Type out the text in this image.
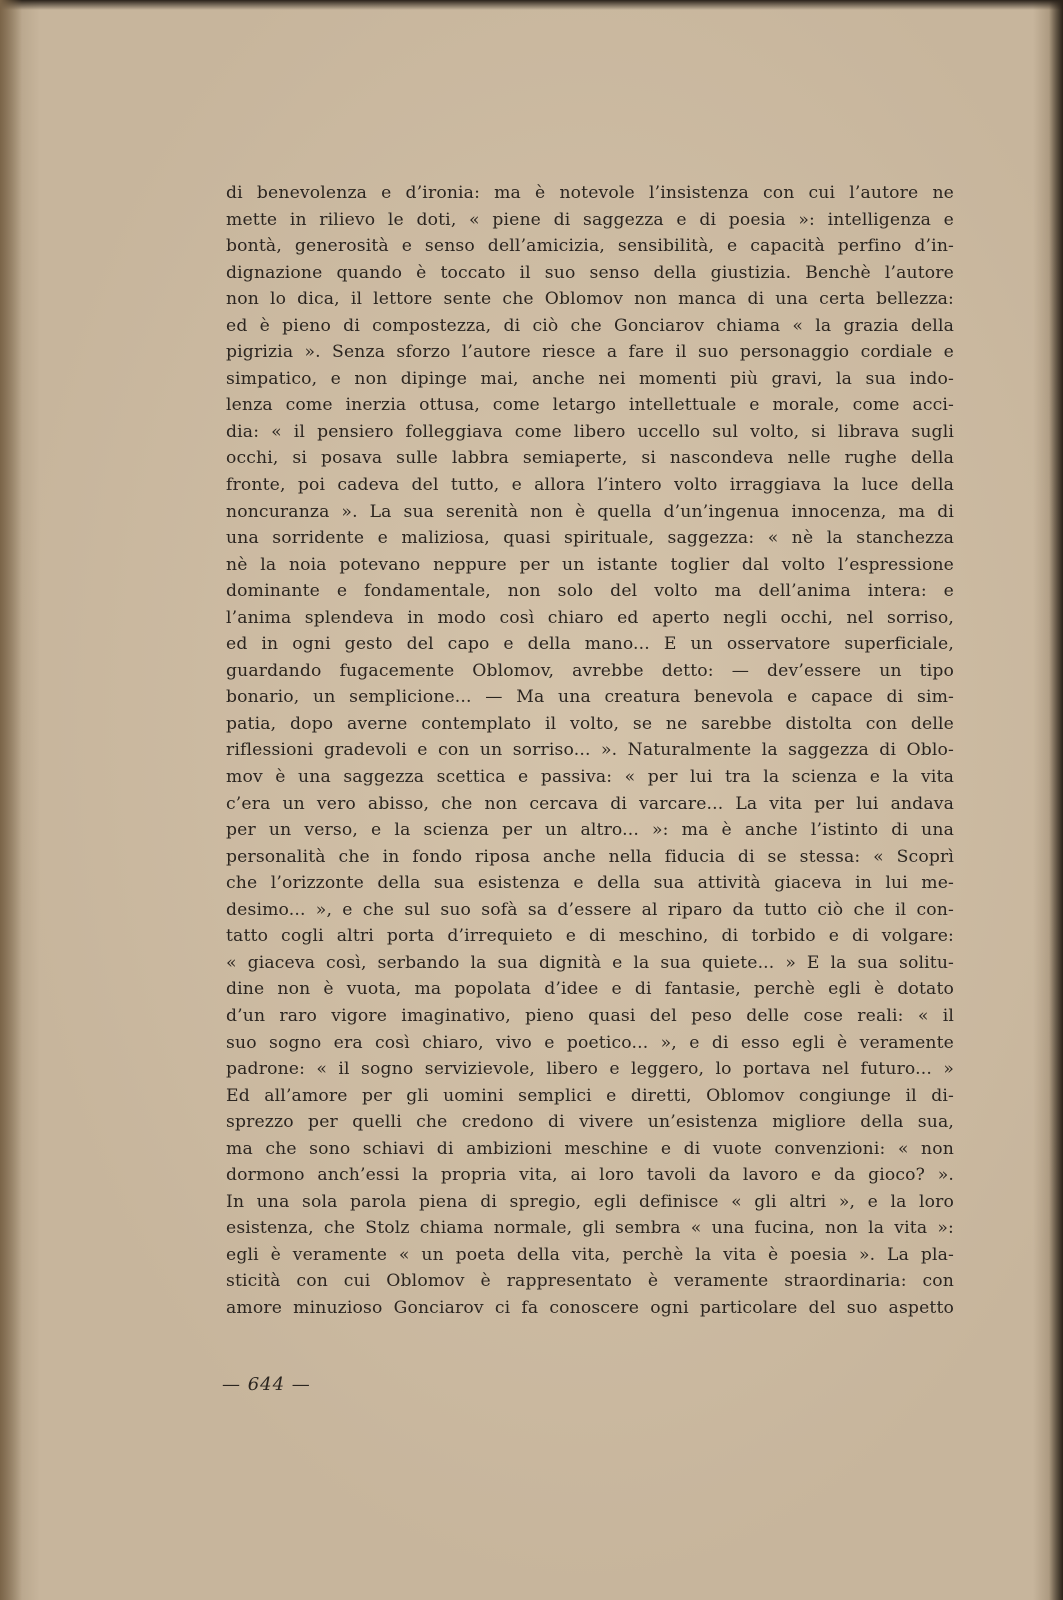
di benevolenza e d’ironia: ma è notevole l’insistenza con cui l’autore ne
mette in rilievo le doti, « piene di saggezza e di poesia »: intelligenza e
bontà, generosità e senso dell’amicizia, sensibilità, e capacità perfino d’in-
dignazione quando è toccato il suo senso della giustizia. Benchè l’autore
non lo dica, il lettore sente che Oblomov non manca di una certa bellezza:
ed è pieno di compostezza, di ciò che Gonciarov chiama « la grazia della
pigrizia ». Senza sforzo l’autore riesce a fare il suo personaggio cordiale e
simpatico, e non dipinge mai, anche nei momenti più gravi, la sua indo-
lenza come inerzia ottusa, come letargo intellettuale e morale, come acci-
dia: « il pensiero folleggiava come libero uccello sul volto, si librava sugli
occhi, si posava sulle labbra semiaperte, si nascondeva nelle rughe della
fronte, poi cadeva del tutto, e allora l’intero volto irraggiava la luce della
noncuranza ». La sua serenità non è quella d’un’ingenua innocenza, ma di
una sorridente e maliziosa, quasi spirituale, saggezza: « nè la stanchezza
nè la noia potevano neppure per un istante toglier dal volto l’espressione
dominante e fondamentale, non solo del volto ma dell’anima intera: e
l’anima splendeva in modo così chiaro ed aperto negli occhi, nel sorriso,
ed in ogni gesto del capo e della mano... E un osservatore superficiale,
guardando fugacemente Oblomov, avrebbe detto: — dev’essere un tipo
bonario, un semplicione... — Ma una creatura benevola e capace di sim-
patia, dopo averne contemplato il volto, se ne sarebbe distolta con delle
riflessioni gradevoli e con un sorriso... ». Naturalmente la saggezza di Oblo-
mov è una saggezza scettica e passiva: « per lui tra la scienza e la vita
c’era un vero abisso, che non cercava di varcare... La vita per lui andava
per un verso, e la scienza per un altro... »: ma è anche l’istinto di una
personalità che in fondo riposa anche nella fiducia di se stessa: « Scoprì
che l’orizzonte della sua esistenza e della sua attività giaceva in lui me-
desimo... », e che sul suo sofà sa d’essere al riparo da tutto ciò che il con-
tatto cogli altri porta d’irrequieto e di meschino, di torbido e di volgare:
« giaceva così, serbando la sua dignità e la sua quiete... » E la sua solitu-
dine non è vuota, ma popolata d’idee e di fantasie, perchè egli è dotato
d’un raro vigore imaginativo, pieno quasi del peso delle cose reali: « il
suo sogno era così chiaro, vivo e poetico... », e di esso egli è veramente
padrone: « il sogno servizievole, libero e leggero, lo portava nel futuro... »
Ed all’amore per gli uomini semplici e diretti, Oblomov congiunge il di-
sprezzo per quelli che credono di vivere un’esistenza migliore della sua,
ma che sono schiavi di ambizioni meschine e di vuote convenzioni: « non
dormono anch’essi la propria vita, ai loro tavoli da lavoro e da gioco? ».
In una sola parola piena di spregio, egli definisce « gli altri », e la loro
esistenza, che Stolz chiama normale, gli sembra « una fucina, non la vita »:
egli è veramente « un poeta della vita, perchè la vita è poesia ». La pla-
sticità con cui Oblomov è rappresentato è veramente straordinaria: con
amore minuzioso Gonciarov ci fa conoscere ogni particolare del suo aspetto
— 644 —
